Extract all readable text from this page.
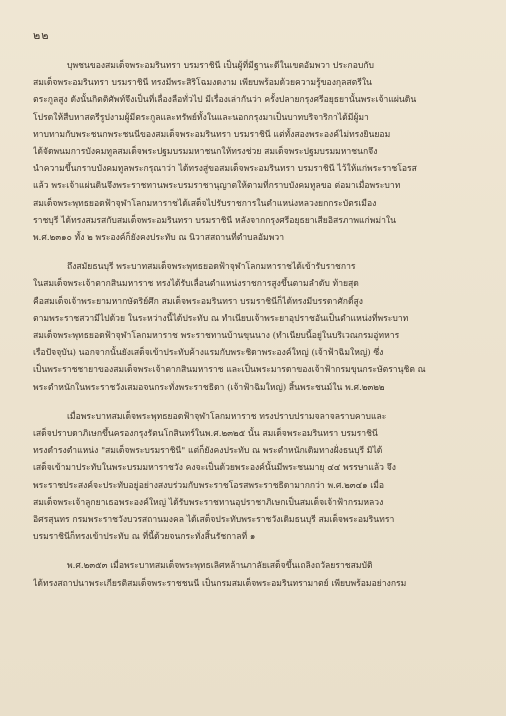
๒๒
บุพชนของสมเด็จพระอมรินทรา บรมราชินี เป็นผู้ที่มีฐานะดีในเขตอัมพวา ประกอบกับ
สมเด็จพระอมรินทรา บรมราชินี ทรงมีพระสิริโฉมงดงาม เพียบพร้อมด้วยความรู้ของกุลสตรีใน
ตระกูลสูง ดังนั้นกิตติศัพท์จึงเป็นที่เลื่องลือทั่วไป มีเรื่องเล่ากันว่า ครั้งปลายกรุงศรีอยุธยานั้นพระเจ้าแผ่นดิน
โปรดให้สืบหาสตรีรูปงามผู้มีตระกูลและทรัพย์ทั้งในและนอกกรุงมาเป็นบาทบริจาริกาได้มีผู้มา
ทาบทามกับพระชนกพระชนนีของสมเด็จพระอมรินทรา บรมราชินี แต่ทั้งสองพระองค์ไม่ทรงยินยอม
ได้จัดพนมการบังคมทูลสมเด็จพระปฐมบรมมหาชนกให้ทรงช่วย สมเด็จพระปฐมบรมมหาชนกจึง
นำความขึ้นกราบบังคมทูลพระกรุณาว่า ได้ทรงสู่ขอสมเด็จพระอมรินทรา บรมราชินี ไว้ให้แก่พระราชโอรส
แล้ว พระเจ้าแผ่นดินจึงพระราชทานพระบรมราชานุญาตให้ตามที่กราบบังคมทูลขอ ต่อมาเมื่อพระบาท
สมเด็จพระพุทธยอดฟ้าจุฬาโลกมหาราชได้เสด็จไปรับราชการในตำแหน่งหลวงยกกระบัตรเมือง
ราชบุรี ได้ทรงสมรสกับสมเด็จพระอมรินทรา บรมราชินี หลังจากกรุงศรีอยุธยาเสียอิสรภาพแก่พม่าใน
พ.ศ.๒๓๑๐ ทั้ง ๒ พระองค์ก็ยังคงประทับ ณ นิวาสสถานที่ตำบลอัมพวา
ถึงสมัยธนบุรี พระบาทสมเด็จพระพุทธยอดฟ้าจุฬาโลกมหาราชได้เข้ารับราชการ
ในสมเด็จพระเจ้าตากสินมหาราช ทรงได้รับเลื่อนตำแหน่งราชการสูงขึ้นตามลำดับ ท้ายสุด
คือสมเด็จเจ้าพระยามหากษัตริย์ศึก สมเด็จพระอมรินทรา บรมราชินีก็ได้ทรงมีบรรดาศักดิ์สูง
ตามพระราชสวามีไปด้วย ในระหว่างนี้ได้ประทับ ณ ทำเนียบเจ้าพระยาอุปราชอันเป็นตำแหน่งที่พระบาท
สมเด็จพระพุทธยอดฟ้าจุฬาโลกมหาราช พระราชทานบ้านขุนนาง (ทำเนียบนี้อยู่ในบริเวณกรมอู่ทหาร
เรือปัจจุบัน) นอกจากนั้นยังเสด็จเข้าประทับค้างแรมกับพระชิดาพระองค์ใหญ่ (เจ้าฟ้าฉิมใหญ่) ซึ่ง
เป็นพระราชชายาของสมเด็จพระเจ้าตากสินมหาราช และเป็นพระมารดาของเจ้าฟ้ากรมขุนกระษัตรานุชิต ณ
พระตำหนักในพระราชวังเสมอจนกระทั่งพระราชธิดา (เจ้าฟ้าฉิมใหญ่) สิ้นพระชนม์ใน พ.ศ.๒๓๒๒
เมื่อพระบาทสมเด็จพระพุทธยอดฟ้าจุฬาโลกมหาราช ทรงปราบปรามจลาจลราบคาบและ
เสด็จปราบดาภิเษกขึ้นครองกรุงรัตนโกสินทร์ในพ.ศ.๒๓๒๕ นั้น สมเด็จพระอมรินทรา บรมราชินี
ทรงดำรงตำแหน่ง "สมเด็จพระบรมราชินี" แต่ก็ยังคงประทับ ณ พระตำหนักเดิมทางฝั่งธนบุรี มิได้
เสด็จเข้ามาประทับในพระบรมมหาราชวัง คงจะเป็นด้วยพระองค์นั้นมีพระชนมายุ ๔๔ พรรษาแล้ว จึง
พระราชประสงค์จะประทับอยู่อย่างสงบร่วมกับพระราชโอรสพระราชธิดามากกว่า พ.ศ.๒๓๔๑ เมื่อ
สมเด็จพระเจ้าลูกยาเธอพระองค์ใหญ่ ได้รับพระราชทานอุปราชาภิเษกเป็นสมเด็จเจ้าฟ้ากรมหลวง
อิศรสุนทร กรมพระราชวังบวรสถานมงคล ได้เสด็จประทับพระราชวังเดิมธนบุรี สมเด็จพระอมรินทรา
บรมราชินีก็ทรงเข้าประทับ ณ ที่นี้ด้วยจนกระทั่งสิ้นรัชกาลที่ ๑
พ.ศ.๒๓๕๓ เมื่อพระบาทสมเด็จพระพุทธเลิศหล้านภาลัยเสด็จขึ้นเถลิงถวัลยราชสมบัติ
ได้ทรงสถาปนาพระเกียรติสมเด็จพระราชชนนี เป็นกรมสมเด็จพระอมรินทรามาตย์ เพียบพร้อมอย่างกรม
